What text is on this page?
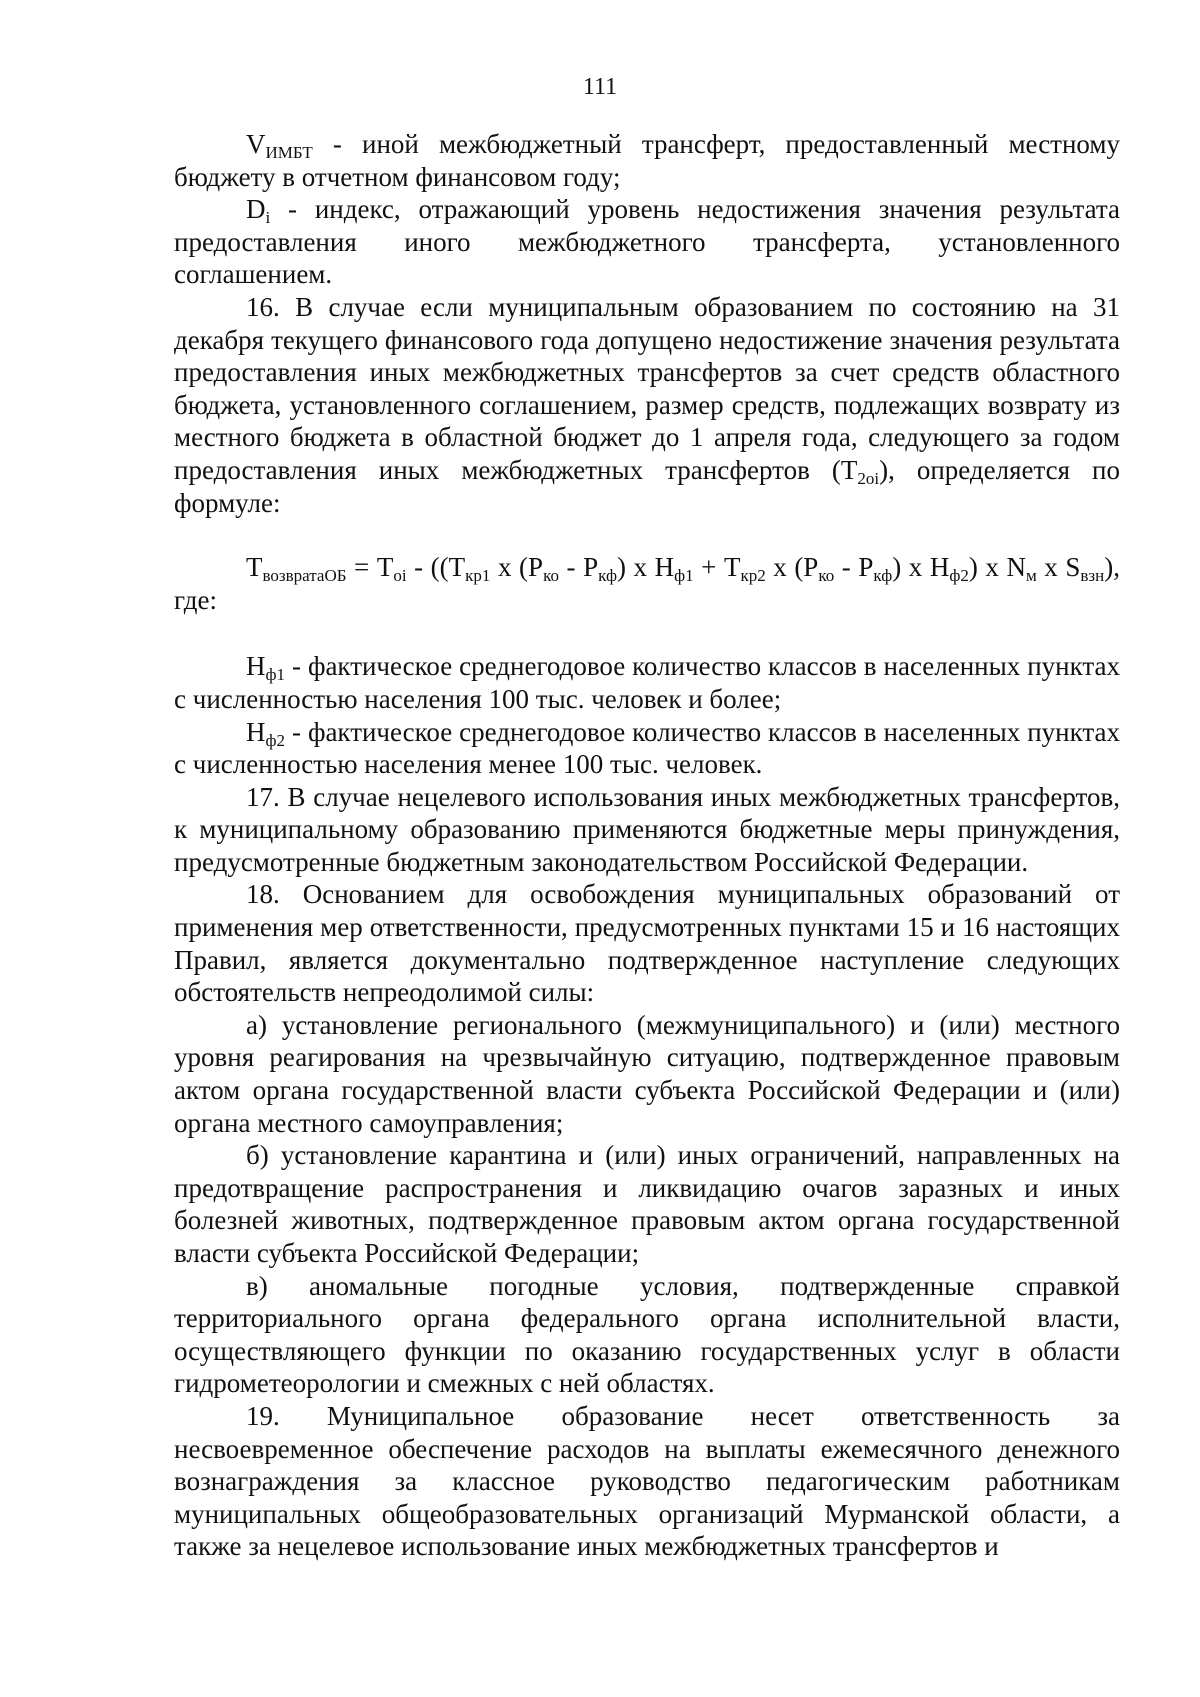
111

$V_{ИМБТ}$ - иной межбюджетный трансферт, предоставленный местному бюджету в отчетном финансовом году;

$D_i$ - индекс, отражающий уровень недостижения значения результата предоставления иного межбюджетного трансферта, установленного соглашением.

16. В случае если муниципальным образованием по состоянию на 31 декабря текущего финансового года допущено недостижение значения результата предоставления иных межбюджетных трансфертов за счет средств областного бюджета, установленного соглашением, размер средств, подлежащих возврату из местного бюджета в областной бюджет до 1 апреля года, следующего за годом предоставления иных межбюджетных трансфертов $(Т_{2oi})$, определяется по формуле:

$Т_{возвратаОБ} = Т_{oi} - ((Т_{кр1}$ х $(Р_{ко} - Р_{кф})$ х $Н_{ф1} + Т_{кр2}$ х $(Р_{ко} - Р_{кф})$ х $Н_{ф2}$) х $N_м$ х $S_{взн}$), где:

$Н_{ф1}$ - фактическое среднегодовое количество классов в населенных пунктах с численностью населения 100 тыс. человек и более;

$Н_{ф2}$ - фактическое среднегодовое количество классов в населенных пунктах с численностью населения менее 100 тыс. человек.

17. В случае нецелевого использования иных межбюджетных трансфертов, к муниципальному образованию применяются бюджетные меры принуждения, предусмотренные бюджетным законодательством Российской Федерации.

18. Основанием для освобождения муниципальных образований от применения мер ответственности, предусмотренных пунктами 15 и 16 настоящих Правил, является документально подтвержденное наступление следующих обстоятельств непреодолимой силы:

а) установление регионального (межмуниципального) и (или) местного уровня реагирования на чрезвычайную ситуацию, подтвержденное правовым актом органа государственной власти субъекта Российской Федерации и (или) органа местного самоуправления;

б) установление карантина и (или) иных ограничений, направленных на предотвращение распространения и ликвидацию очагов заразных и иных болезней животных, подтвержденное правовым актом органа государственной власти субъекта Российской Федерации;

в) аномальные погодные условия, подтвержденные справкой территориального органа федерального органа исполнительной власти, осуществляющего функции по оказанию государственных услуг в области гидрометеорологии и смежных с ней областях.

19. Муниципальное образование несет ответственность за несвоевременное обеспечение расходов на выплаты ежемесячного денежного вознаграждения за классное руководство педагогическим работникам муниципальных общеобразовательных организаций Мурманской области, а также за нецелевое использование иных межбюджетных трансфертов и
